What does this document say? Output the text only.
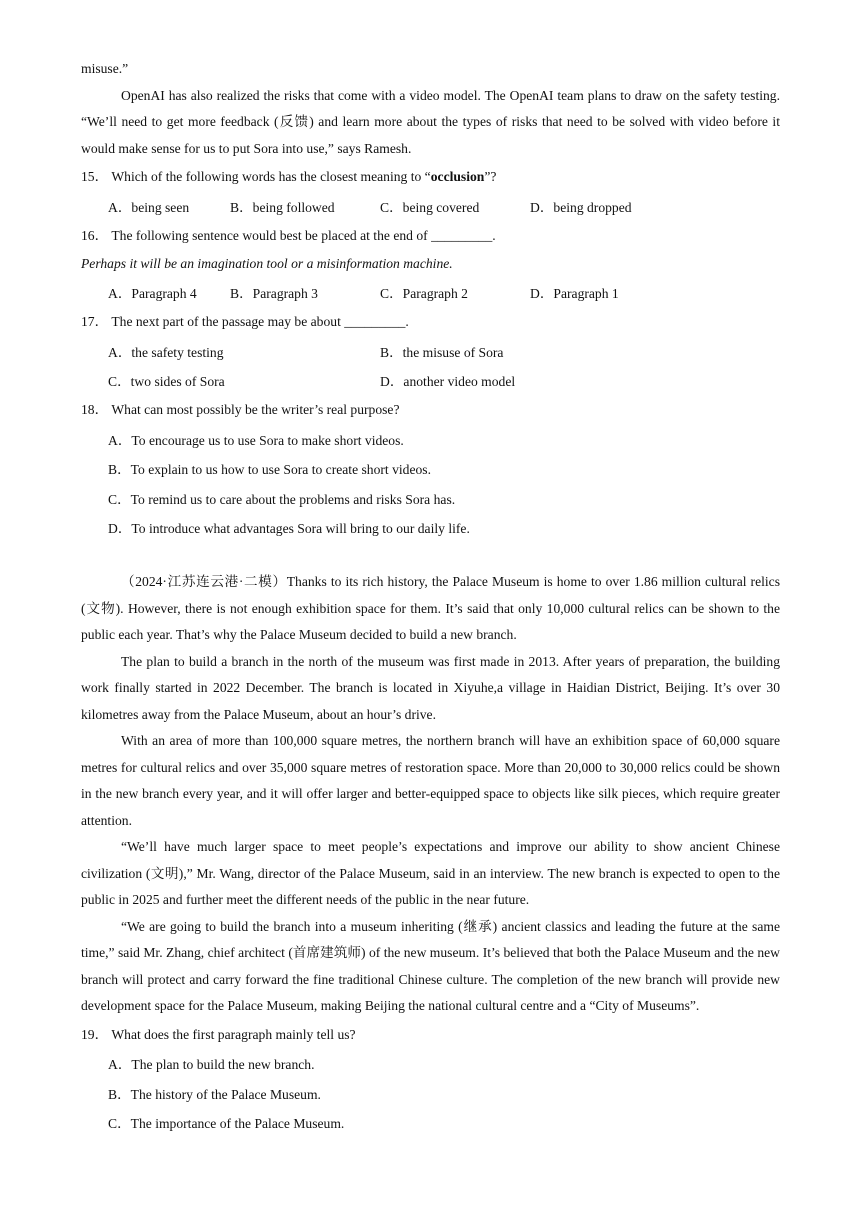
misuse.”

OpenAI has also realized the risks that come with a video model. The OpenAI team plans to draw on the safety testing. “We’ll need to get more feedback (反馈) and learn more about the types of risks that need to be solved with video before it would make sense for us to put Sora into use,” says Ramesh.

15． Which of the following words has the closest meaning to “occlusion”?

A．being seen	B．being followed	C．being covered	D．being dropped

16． The following sentence would best be placed at the end of _________.

Perhaps it will be an imagination tool or a misinformation machine.

A．Paragraph 4	B．Paragraph 3	C．Paragraph 2	D．Paragraph 1

17． The next part of the passage may be about _________.

A．the safety testing	B．the misuse of Sora
C．two sides of Sora	D．another video model

18． What can most possibly be the writer’s real purpose?

A．To encourage us to use Sora to make short videos.
B．To explain to us how to use Sora to create short videos.
C．To remind us to care about the problems and risks Sora has.
D．To introduce what advantages Sora will bring to our daily life.

（2024·江苏连云港·二模）Thanks to its rich history, the Palace Museum is home to over 1.86 million cultural relics (文物). However, there is not enough exhibition space for them. It’s said that only 10,000 cultural relics can be shown to the public each year. That’s why the Palace Museum decided to build a new branch.

The plan to build a branch in the north of the museum was first made in 2013. After years of preparation, the building work finally started in 2022 December. The branch is located in Xiyuhe,a village in Haidian District, Beijing. It’s over 30 kilometres away from the Palace Museum, about an hour’s drive.

With an area of more than 100,000 square metres, the northern branch will have an exhibition space of 60,000 square metres for cultural relics and over 35,000 square metres of restoration space. More than 20,000 to 30,000 relics could be shown in the new branch every year, and it will offer larger and better-equipped space to objects like silk pieces, which require greater attention.

“We’ll have much larger space to meet people’s expectations and improve our ability to show ancient Chinese civilization (文明),” Mr. Wang, director of the Palace Museum, said in an interview. The new branch is expected to open to the public in 2025 and further meet the different needs of the public in the near future.

“We are going to build the branch into a museum inheriting (继承) ancient classics and leading the future at the same time,” said Mr. Zhang, chief architect (首席建筑师) of the new museum. It’s believed that both the Palace Museum and the new branch will protect and carry forward the fine traditional Chinese culture. The completion of the new branch will provide new development space for the Palace Museum, making Beijing the national cultural centre and a “City of Museums”.

19． What does the first paragraph mainly tell us?

A．The plan to build the new branch.
B．The history of the Palace Museum.
C．The importance of the Palace Museum.
